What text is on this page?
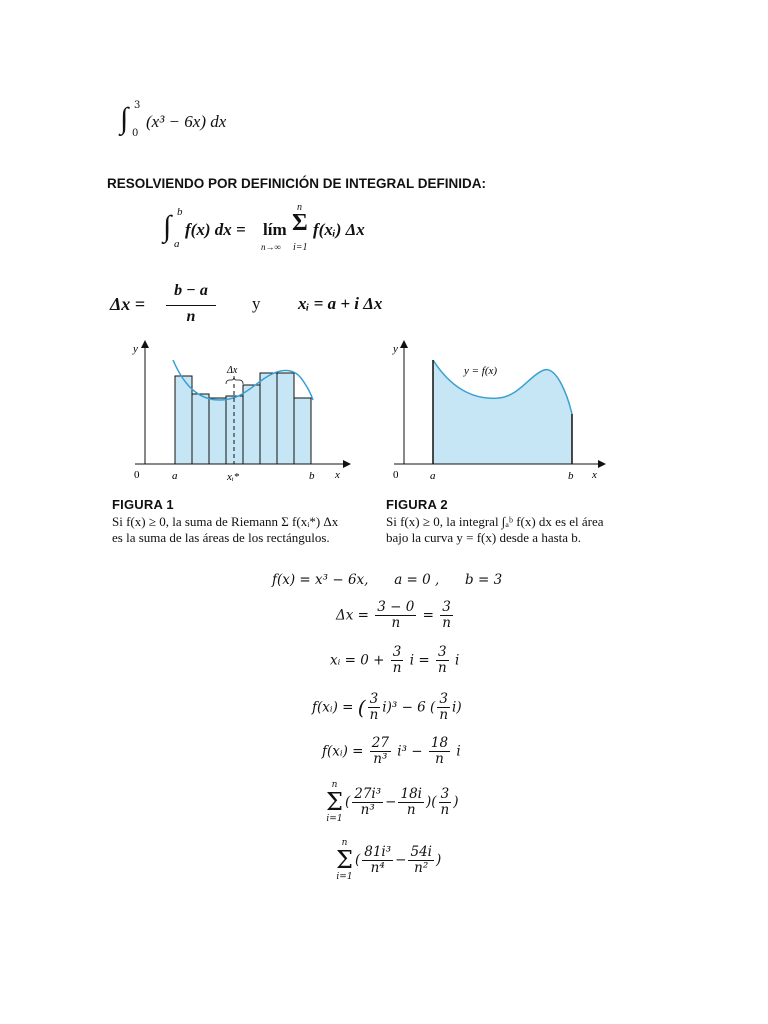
∫ 3
0
(x³ − 6x) dx
RESOLVIENDO POR DEFINICIÓN DE INTEGRAL DEFINIDA:
∫ b
a
f(x) dx = lím
n→∞
n
Σ
i=1
f(xᵢ) Δx
Δx =
b − a
n
y xᵢ = a + i Δx
y
x
0	a	b
xᵢ*
Δx
FIGURA 1
Si f(x) ≥ 0, la suma de Riemann Σ f(xᵢ*) Δx
es la suma de las áreas de los rectángulos.
y
x
0	a	b
y = f(x)
FIGURA 2
Si f(x) ≥ 0, la integral ∫ₐᵇ f(x) dx es el área
bajo la curva y = f(x) desde a hasta b.
f(x) = x³ − 6x,      a = 0 ,      b = 3
$\Delta x = \frac{3 - 0}{n} = \frac{3}{n}$
xᵢ = $0 + \frac{3}{n}$ $i = \frac{3}{n}$ i
f(xᵢ) = ( $\frac{3}{n} i)^3 - 6$ ( $\frac{3}{n} i$)
f(xᵢ) = $\frac{27}{\text{n³}} i^3 - \frac{18}{n}$ i
n
Σ
i=1
( $\frac{\text{27i³}}{\text{n³}} - \frac{18i}{n}$ )( $\frac{3}{n}$ )
n
Σ
i=1
( $\frac{\text{81i³}}{\text{n⁴}} - \frac{54i}{\text{n²}}$ )
